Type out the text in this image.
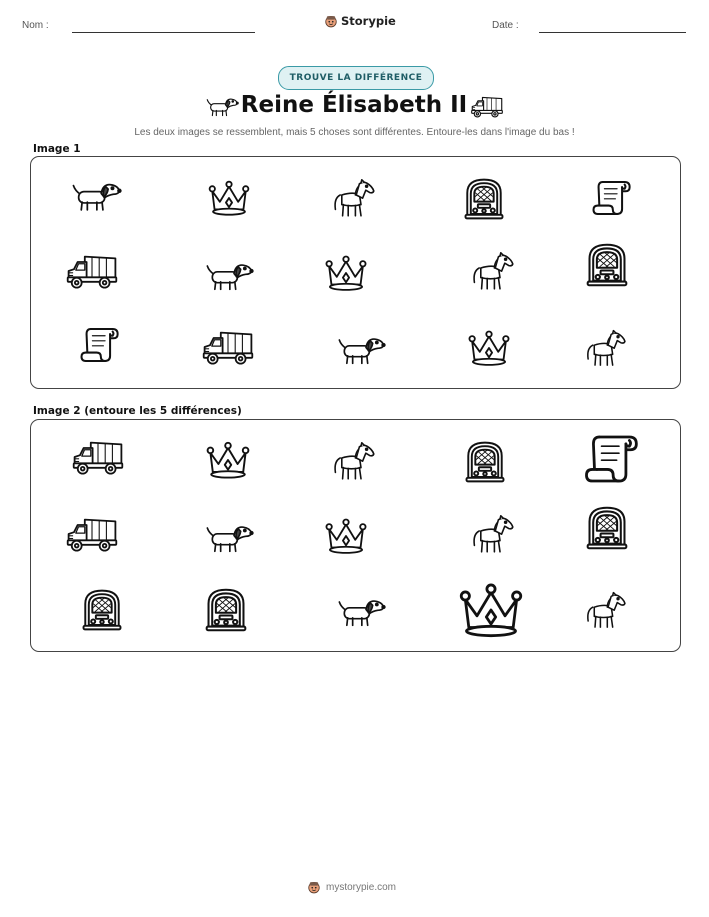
Nom :	Storypie	Date :
TROUVE LA DIFFÉRENCE
Reine Élisabeth II
Les deux images se ressemblent, mais 5 choses sont différentes. Entoure-les dans l'image du bas !
Image 1
Image 2 (entoure les 5 différences)
mystorypie.com
